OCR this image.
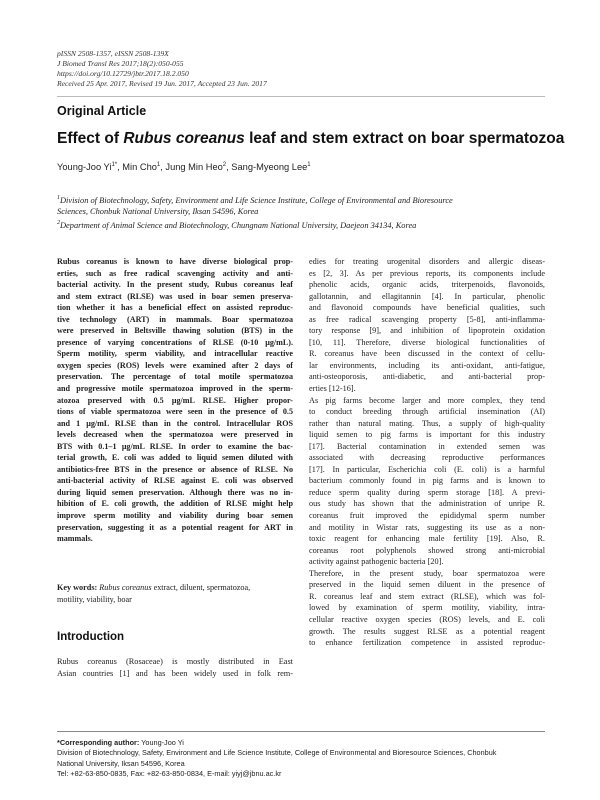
pISSN 2508-1357, eISSN 2508-139X
J Biomed Transl Res 2017;18(2):050-055
https://doi.org/10.12729/jbtr.2017.18.2.050
Received 25 Apr. 2017, Revised 19 Jun. 2017, Accepted 23 Jun. 2017
Original Article
Effect of Rubus coreanus leaf and stem extract on boar spermatozoa
Young-Joo $Yi^{1*}$, Min Cho$^1$, Jung Min Heo$^2$, Sang-Myeong Lee$^1$
$^1$Division of Biotechnology, Safety, Environment and Life Science Institute, College of Environmental and Bioresource
Sciences, Chonbuk National University, Iksan 54596, Korea
$^2$Department of Animal Science and Biotechnology, Chungnam National University, Daejeon 34134, Korea
Rubus coreanus is known to have diverse biological prop-
erties, such as free radical scavenging activity and anti-
bacterial activity. In the present study, Rubus coreanus leaf
and stem extract (RLSE) was used in boar semen preserva-
tion whether it has a beneficial effect on assisted reproduc-
tive technology (ART) in mammals. Boar spermatozoa
were preserved in Beltsville thawing solution (BTS) in the
presence of varying concentrations of RLSE (0-10 μg/mL).
Sperm motility, sperm viability, and intracellular reactive
oxygen species (ROS) levels were examined after 2 days of
preservation. The percentage of total motile spermatozoa
and progressive motile spermatozoa improved in the sperm-
atozoa preserved with 0.5 μg/mL RLSE. Higher propor-
tions of viable spermatozoa were seen in the presence of 0.5
and 1 μg/mL RLSE than in the control. Intracellular ROS
levels decreased when the spermatozoa were preserved in
BTS with 0.1–1 μg/mL RLSE. In order to examine the bac-
terial growth, E. coli was added to liquid semen diluted with
antibiotics-free BTS in the presence or absence of RLSE. No
anti-bacterial activity of RLSE against E. coli was observed
during liquid semen preservation. Although there was no in-
hibition of E. coli growth, the addition of RLSE might help
improve sperm motility and viability during boar semen
preservation, suggesting it as a potential reagent for ART in
mammals.
Key words: Rubus coreanus extract, diluent, spermatozoa,
motility, viability, boar
Introduction
Rubus coreanus (Rosaceae) is mostly distributed in East
Asian countries [1] and has been widely used in folk rem-
edies for treating urogenital disorders and allergic diseas-
es [2, 3]. As per previous reports, its components include
phenolic acids, organic acids, triterpenoids, flavonoids,
gallotannin, and ellagitannin [4]. In particular, phenolic
and flavonoid compounds have beneficial qualities, such
as free radical scavenging property [5-8], anti-inflamma-
tory response [9], and inhibition of lipoprotein oxidation
[10, 11]. Therefore, diverse biological functionalities of
R. coreanus have been discussed in the context of cellu-
lar environments, including its anti-oxidant, anti-fatigue,
anti-osteoporosis, anti-diabetic, and anti-bacterial prop-
erties [12-16].
As pig farms become larger and more complex, they tend
to conduct breeding through artificial insemination (AI)
rather than natural mating. Thus, a supply of high-quality
liquid semen to pig farms is important for this industry
[17]. Bacterial contamination in extended semen was
associated with decreasing reproductive performances
[17]. In particular, Escherichia coli (E. coli) is a harmful
bacterium commonly found in pig farms and is known to
reduce sperm quality during sperm storage [18]. A previ-
ous study has shown that the administration of unripe R.
coreanus fruit improved the epididymal sperm number
and motility in Wistar rats, suggesting its use as a non-
toxic reagent for enhancing male fertility [19]. Also, R.
coreanus root polyphenols showed strong anti-microbial
activity against pathogenic bacteria [20].
Therefore, in the present study, boar spermatozoa were
preserved in the liquid semen diluent in the presence of
R. coreanus leaf and stem extract (RLSE), which was fol-
lowed by examination of sperm motility, viability, intra-
cellular reactive oxygen species (ROS) levels, and E. coli
growth. The results suggest RLSE as a potential reagent
to enhance fertilization competence in assisted reproduc-
*Corresponding author: Young-Joo Yi
Division of Biotechnology, Safety, Environment and Life Science Institute, College of Environmental and Bioresource Sciences, Chonbuk
National University, Iksan 54596, Korea
Tel: +82-63-850-0835, Fax: +82-63-850-0834, E-mail: yiyj@jbnu.ac.kr
